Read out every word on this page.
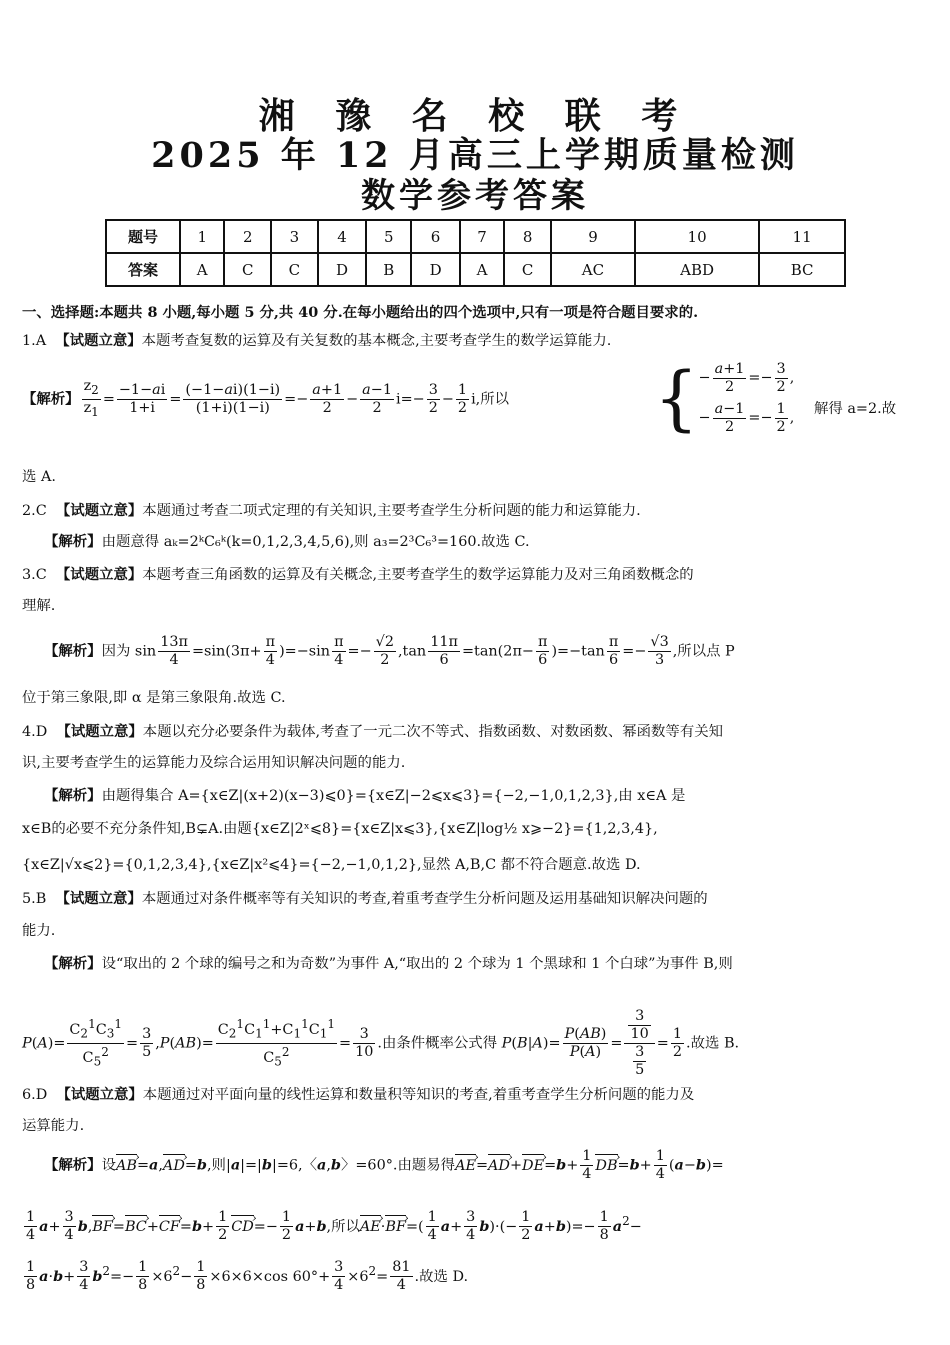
湘 豫 名 校 联 考
2025 年 12 月高三上学期质量检测
数学参考答案
题号	1	2	3	4	5	6	7	8	9	10	11
答案	A	C	C	D	B	D	A	C	AC	ABD	BC
一、选择题:本题共 8 小题,每小题 5 分,共 40 分.在每小题给出的四个选项中,只有一项是符合题目要求的.
1.A 【试题立意】本题考查复数的运算及有关复数的基本概念,主要考查学生的数学运算能力.
【解析】 $\frac{z_2}{z_1} = \frac{-1-ai}{1+i} = \frac{(-1-ai)(1-i)}{(1+i)(1-i)} =- \frac{a+1}{2} - \frac{a-1}{2} i=- \frac{3}{2} - \frac{1}{2} i$,所以 {− $\frac{a+1}{2} =- \frac{3}{2}$ ,
− $\frac{a-1}{2} =- \frac{1}{2}$ ,
解得 a=2.故
选 A.
2.C 【试题立意】本题通过考查二项式定理的有关知识,主要考查学生分析问题的能力和运算能力.
【解析】由题意得 aₖ=2ᵏC₆ᵏ(k=0,1,2,3,4,5,6),则 a₃=2³C₆³=160.故选 C.
3.C 【试题立意】本题考查三角函数的运算及有关概念,主要考查学生的数学运算能力及对三角函数概念的
理解.
【解析】因为 $\sin \frac{13\pi}{4} =\sin(3\pi+ \frac{\pi}{4} )=-\sin \frac{\pi}{4} =- \frac{√2}{2} ,\tan \frac{11\pi}{6} =\tan(2\pi- \frac{\pi}{6} )=-\tan \frac{\pi}{6} =- \frac{√3}{3}$ ,所以点 P
位于第三象限,即 α 是第三象限角.故选 C.
4.D 【试题立意】本题以充分必要条件为载体,考查了一元二次不等式、指数函数、对数函数、幂函数等有关知
识,主要考查学生的运算能力及综合运用知识解决问题的能力.
【解析】由题得集合 A={x∈Z|(x+2)(x−3)⩽0}={x∈Z|−2⩽x⩽3}={−2,−1,0,1,2,3},由 x∈A 是
x∈B的必要不充分条件知,B⊊A.由题{x∈Z|2ˣ⩽8}={x∈Z|x⩽3},{x∈Z|log½ x⩾−2}={1,2,3,4},
{x∈Z|√x⩽2}={0,1,2,3,4},{x∈Z|x²⩽4}={−2,−1,0,1,2},显然 A,B,C 都不符合题意.故选 D.
5.B 【试题立意】本题通过对条件概率等有关知识的考查,着重考查学生分析问题及运用基础知识解决问题的
能力.
【解析】设“取出的 2 个球的编号之和为奇数”为事件 A,“取出的 2 个球为 1 个黑球和 1 个白球”为事件 B,则
$P(A)= \frac{C_2^1C_3^1}{C_5^2} = \frac{3}{5} ,P(AB)= \frac{C_2^1C_1^1+C_1^1C_1^1}{C_5^2} = \frac{3}{10}$ .由条件概率公式得 $P(B|A)= \frac{P(AB)}{P(A)} = \frac{\frac{3}{10}}{\frac{3}{5}} = \frac{1}{2}$ .故选 B.
6.D 【试题立意】本题通过对平面向量的线性运算和数量积等知识的考查,着重考查学生分析问题的能力及
运算能力.
【解析】设AB ›=a,AD ›=b,则|a|=|b|=6,〈a,b〉=60°.由题易得AE ›=AD ›+DE ›=b+ $\frac{1}{4}$ DB ›=b+ $\frac{1}{4} (a-b)=$
$\frac{1}{4} a+ \frac{3}{4} b,BF$ ›=BC ›+CF ›=b+ $\frac{1}{2}$ CD ›=− $\frac{1}{2} a+b$,所以AE ›·BF ›=( $\frac{1}{4} a+ \frac{3}{4} b)\cdot(- \frac{1}{2} a+b)=- \frac{1}{8} a^2-$
$\frac{1}{8} a\cdot b+ \frac{3}{4} b^2=- \frac{1}{8} \times 6^2- \frac{1}{8} \times 6\times 6\times\cos$ $60^\circ+ \frac{3}{4} \times 6^2= \frac{81}{4}$ .故选 D.
